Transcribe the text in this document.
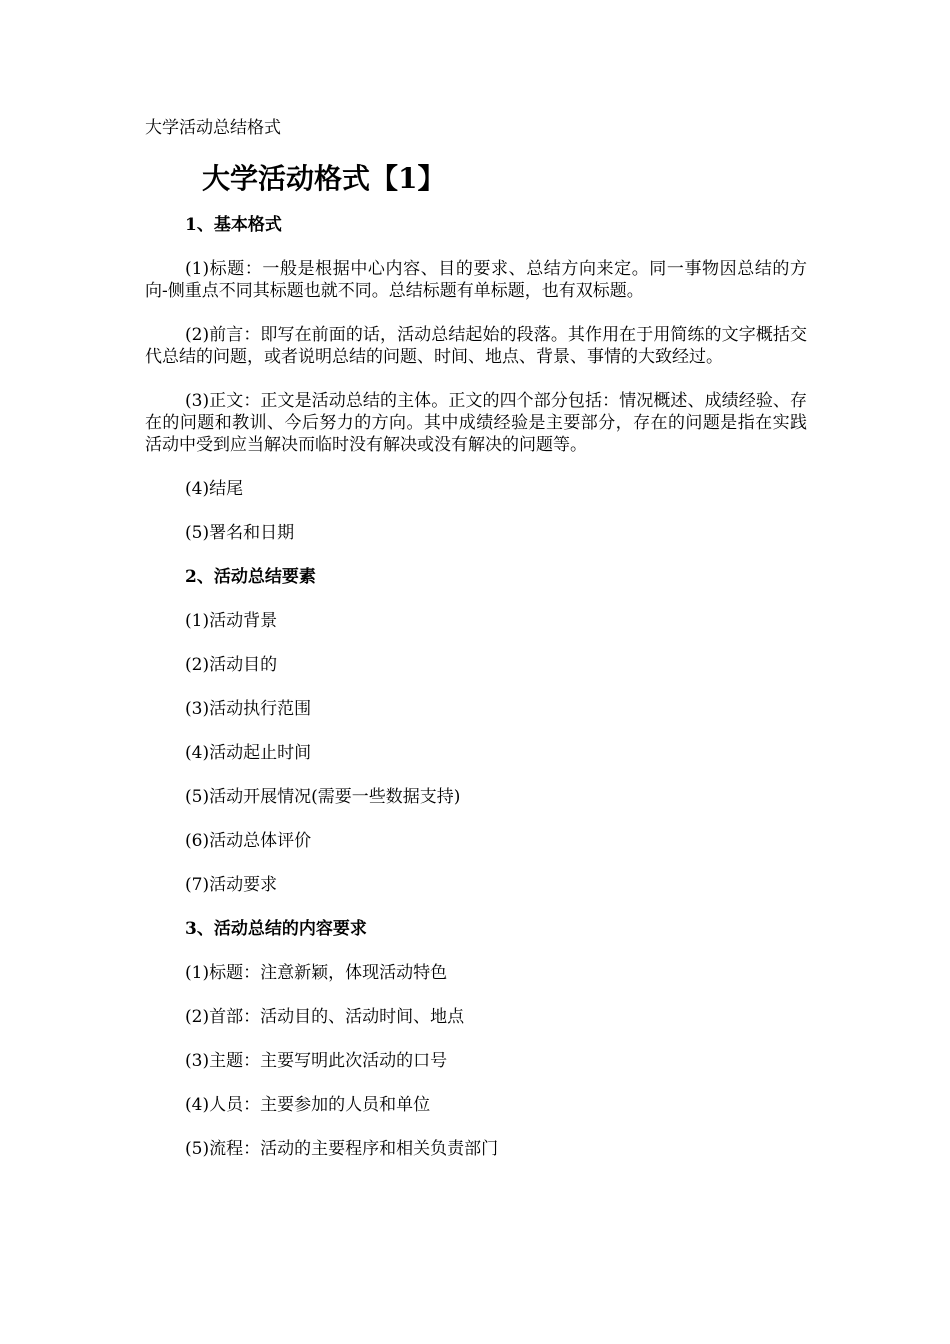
大学活动总结格式
大学活动格式【1】

1、基本格式

(1)标题：一般是根据中心内容、目的要求、总结方向来定。同一事物因总结的方向-侧重点不同其标题也就不同。总结标题有单标题，也有双标题。

(2)前言：即写在前面的话，活动总结起始的段落。其作用在于用简练的文字概括交代总结的问题，或者说明总结的问题、时间、地点、背景、事情的大致经过。

(3)正文：正文是活动总结的主体。正文的四个部分包括：情况概述、成绩经验、存在的问题和教训、今后努力的方向。其中成绩经验是主要部分，存在的问题是指在实践活动中受到应当解决而临时没有解决或没有解决的问题等。

(4)结尾

(5)署名和日期

2、活动总结要素

(1)活动背景

(2)活动目的

(3)活动执行范围

(4)活动起止时间

(5)活动开展情况(需要一些数据支持)

(6)活动总体评价

(7)活动要求

3、活动总结的内容要求

(1)标题：注意新颖，体现活动特色

(2)首部：活动目的、活动时间、地点

(3)主题：主要写明此次活动的口号

(4)人员：主要参加的人员和单位

(5)流程：活动的主要程序和相关负责部门
